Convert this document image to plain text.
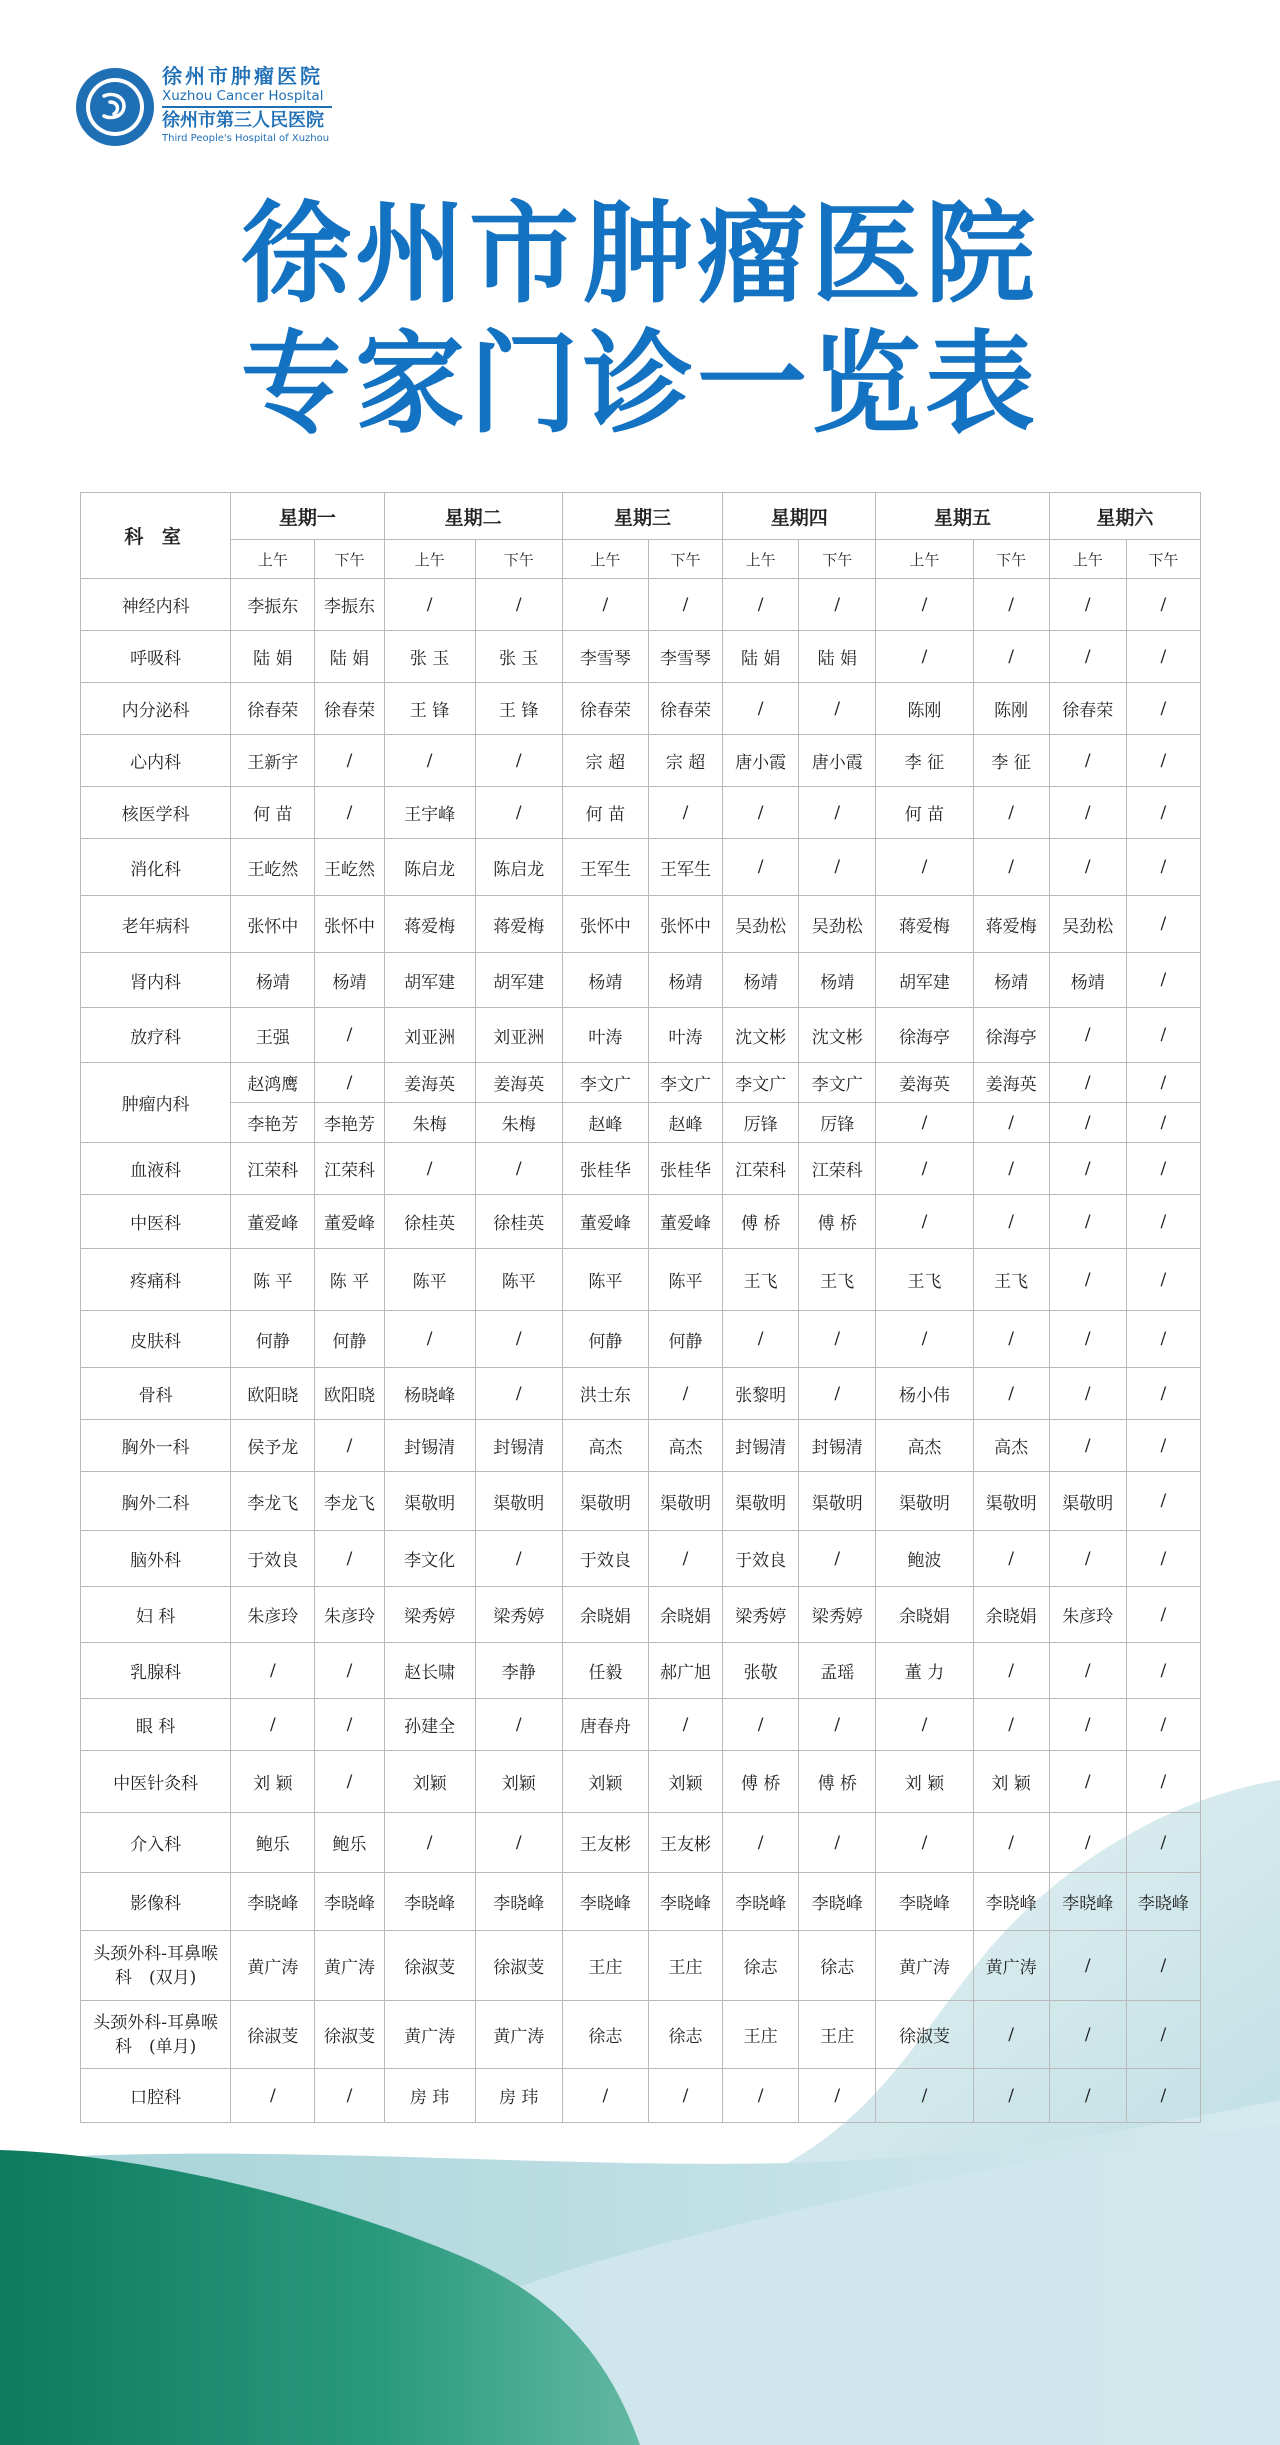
徐州市肿瘤医院
Xuzhou Cancer Hospital
徐州市第三人民医院
Third People's Hospital of Xuzhou
徐州市肿瘤医院
专家门诊一览表
科 室	星期一		星期二		星期三		星期四		星期五		星期六	
	上午	下午	上午	下午	上午	下午	上午	下午	上午	下午	上午	下午
神经内科	李振东	李振东	/	/	/	/	/	/	/	/	/	/
呼吸科	陆 娟	陆 娟	张 玉	张 玉	李雪琴	李雪琴	陆 娟	陆 娟	/	/	/	/
内分泌科	徐春荣	徐春荣	王 锋	王 锋	徐春荣	徐春荣	/	/	陈刚	陈刚	徐春荣	/
心内科	王新宇	/	/	/	宗 超	宗 超	唐小霞	唐小霞	李 征	李 征	/	/
核医学科	何 苗	/	王宇峰	/	何 苗	/	/	/	何 苗	/	/	/
消化科	王屹然	王屹然	陈启龙	陈启龙	王军生	王军生	/	/	/	/	/	/
老年病科	张怀中	张怀中	蒋爱梅	蒋爱梅	张怀中	张怀中	吴劲松	吴劲松	蒋爱梅	蒋爱梅	吴劲松	/
肾内科	杨靖	杨靖	胡军建	胡军建	杨靖	杨靖	杨靖	杨靖	胡军建	杨靖	杨靖	/
放疗科	王强	/	刘亚洲	刘亚洲	叶涛	叶涛	沈文彬	沈文彬	徐海亭	徐海亭	/	/
肿瘤内科	赵鸿鹰	/	姜海英	姜海英	李文广	李文广	李文广	李文广	姜海英	姜海英	/	/
	李艳芳	李艳芳	朱梅	朱梅	赵峰	赵峰	厉锋	厉锋	/	/	/	/
血液科	江荣科	江荣科	/	/	张桂华	张桂华	江荣科	江荣科	/	/	/	/
中医科	董爱峰	董爱峰	徐桂英	徐桂英	董爱峰	董爱峰	傅 桥	傅 桥	/	/	/	/
疼痛科	陈 平	陈 平	陈平	陈平	陈平	陈平	王飞	王飞	王飞	王飞	/	/
皮肤科	何静	何静	/	/	何静	何静	/	/	/	/	/	/
骨科	欧阳晓	欧阳晓	杨晓峰	/	洪士东	/	张黎明	/	杨小伟	/	/	/
胸外一科	侯予龙	/	封锡清	封锡清	高杰	高杰	封锡清	封锡清	高杰	高杰	/	/
胸外二科	李龙飞	李龙飞	渠敬明	渠敬明	渠敬明	渠敬明	渠敬明	渠敬明	渠敬明	渠敬明	渠敬明	/
脑外科	于效良	/	李文化	/	于效良	/	于效良	/	鲍波	/	/	/
妇 科	朱彦玲	朱彦玲	梁秀婷	梁秀婷	余晓娟	余晓娟	梁秀婷	梁秀婷	余晓娟	余晓娟	朱彦玲	/
乳腺科	/	/	赵长啸	李静	任毅	郝广旭	张敬	孟瑶	董 力	/	/	/
眼 科	/	/	孙建全	/	唐春舟	/	/	/	/	/	/	/
中医针灸科	刘 颖	/	刘颖	刘颖	刘颖	刘颖	傅 桥	傅 桥	刘 颖	刘 颖	/	/
介入科	鲍乐	鲍乐	/	/	王友彬	王友彬	/	/	/	/	/	/
影像科	李晓峰	李晓峰	李晓峰	李晓峰	李晓峰	李晓峰	李晓峰	李晓峰	李晓峰	李晓峰	李晓峰	李晓峰
头颈外科-耳鼻喉科　(双月)	黄广涛	黄广涛	徐淑芰	徐淑芰	王庄	王庄	徐志	徐志	黄广涛	黄广涛	/	/
头颈外科-耳鼻喉科　(单月)	徐淑芰	徐淑芰	黄广涛	黄广涛	徐志	徐志	王庄	王庄	徐淑芰	/	/	/
口腔科	/	/	房 玮	房 玮	/	/	/	/	/	/	/	/
